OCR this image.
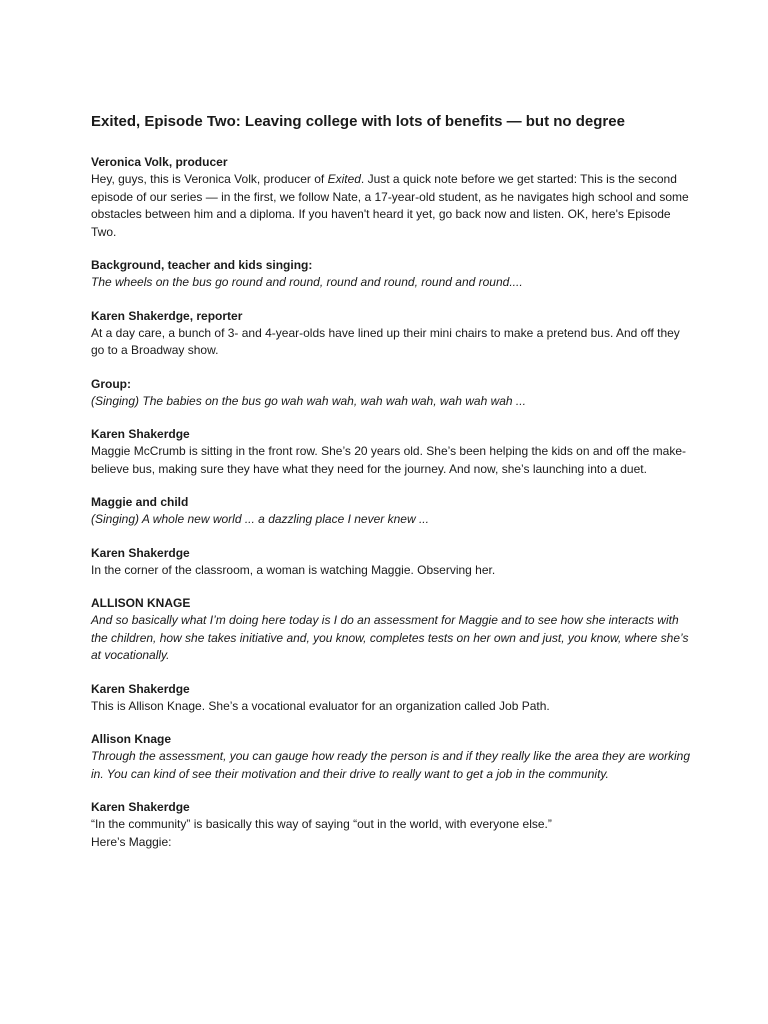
Exited, Episode Two: Leaving college with lots of benefits — but no degree

Veronica Volk, producer

Hey, guys, this is Veronica Volk, producer of Exited. Just a quick note before we get started: This is the second episode of our series — in the first, we follow Nate, a 17-year-old student, as he navigates high school and some obstacles between him and a diploma. If you haven't heard it yet, go back now and listen. OK, here's Episode Two.

Background, teacher and kids singing:

The wheels on the bus go round and round, round and round, round and round....

Karen Shakerdge, reporter

At a day care, a bunch of 3- and 4-year-olds have lined up their mini chairs to make a pretend bus. And off they go to a Broadway show.

Group:

(Singing) The babies on the bus go wah wah wah, wah wah wah, wah wah wah ...

Karen Shakerdge

Maggie McCrumb is sitting in the front row. She’s 20 years old. She’s been helping the kids on and off the make-believe bus, making sure they have what they need for the journey. And now, she’s launching into a duet.

Maggie and child

(Singing) A whole new world ... a dazzling place I never knew ...

Karen Shakerdge

In the corner of the classroom, a woman is watching Maggie. Observing her.

ALLISON KNAGE

And so basically what I’m doing here today is I do an assessment for Maggie and to see how she interacts with the children, how she takes initiative and, you know, completes tests on her own and just, you know, where she’s at vocationally.

Karen Shakerdge

This is Allison Knage. She’s a vocational evaluator for an organization called Job Path.

Allison Knage

Through the assessment, you can gauge how ready the person is and if they really like the area they are working in. You can kind of see their motivation and their drive to really want to get a job in the community.

Karen Shakerdge

“In the community” is basically this way of saying “out in the world, with everyone else.”

Here’s Maggie:
